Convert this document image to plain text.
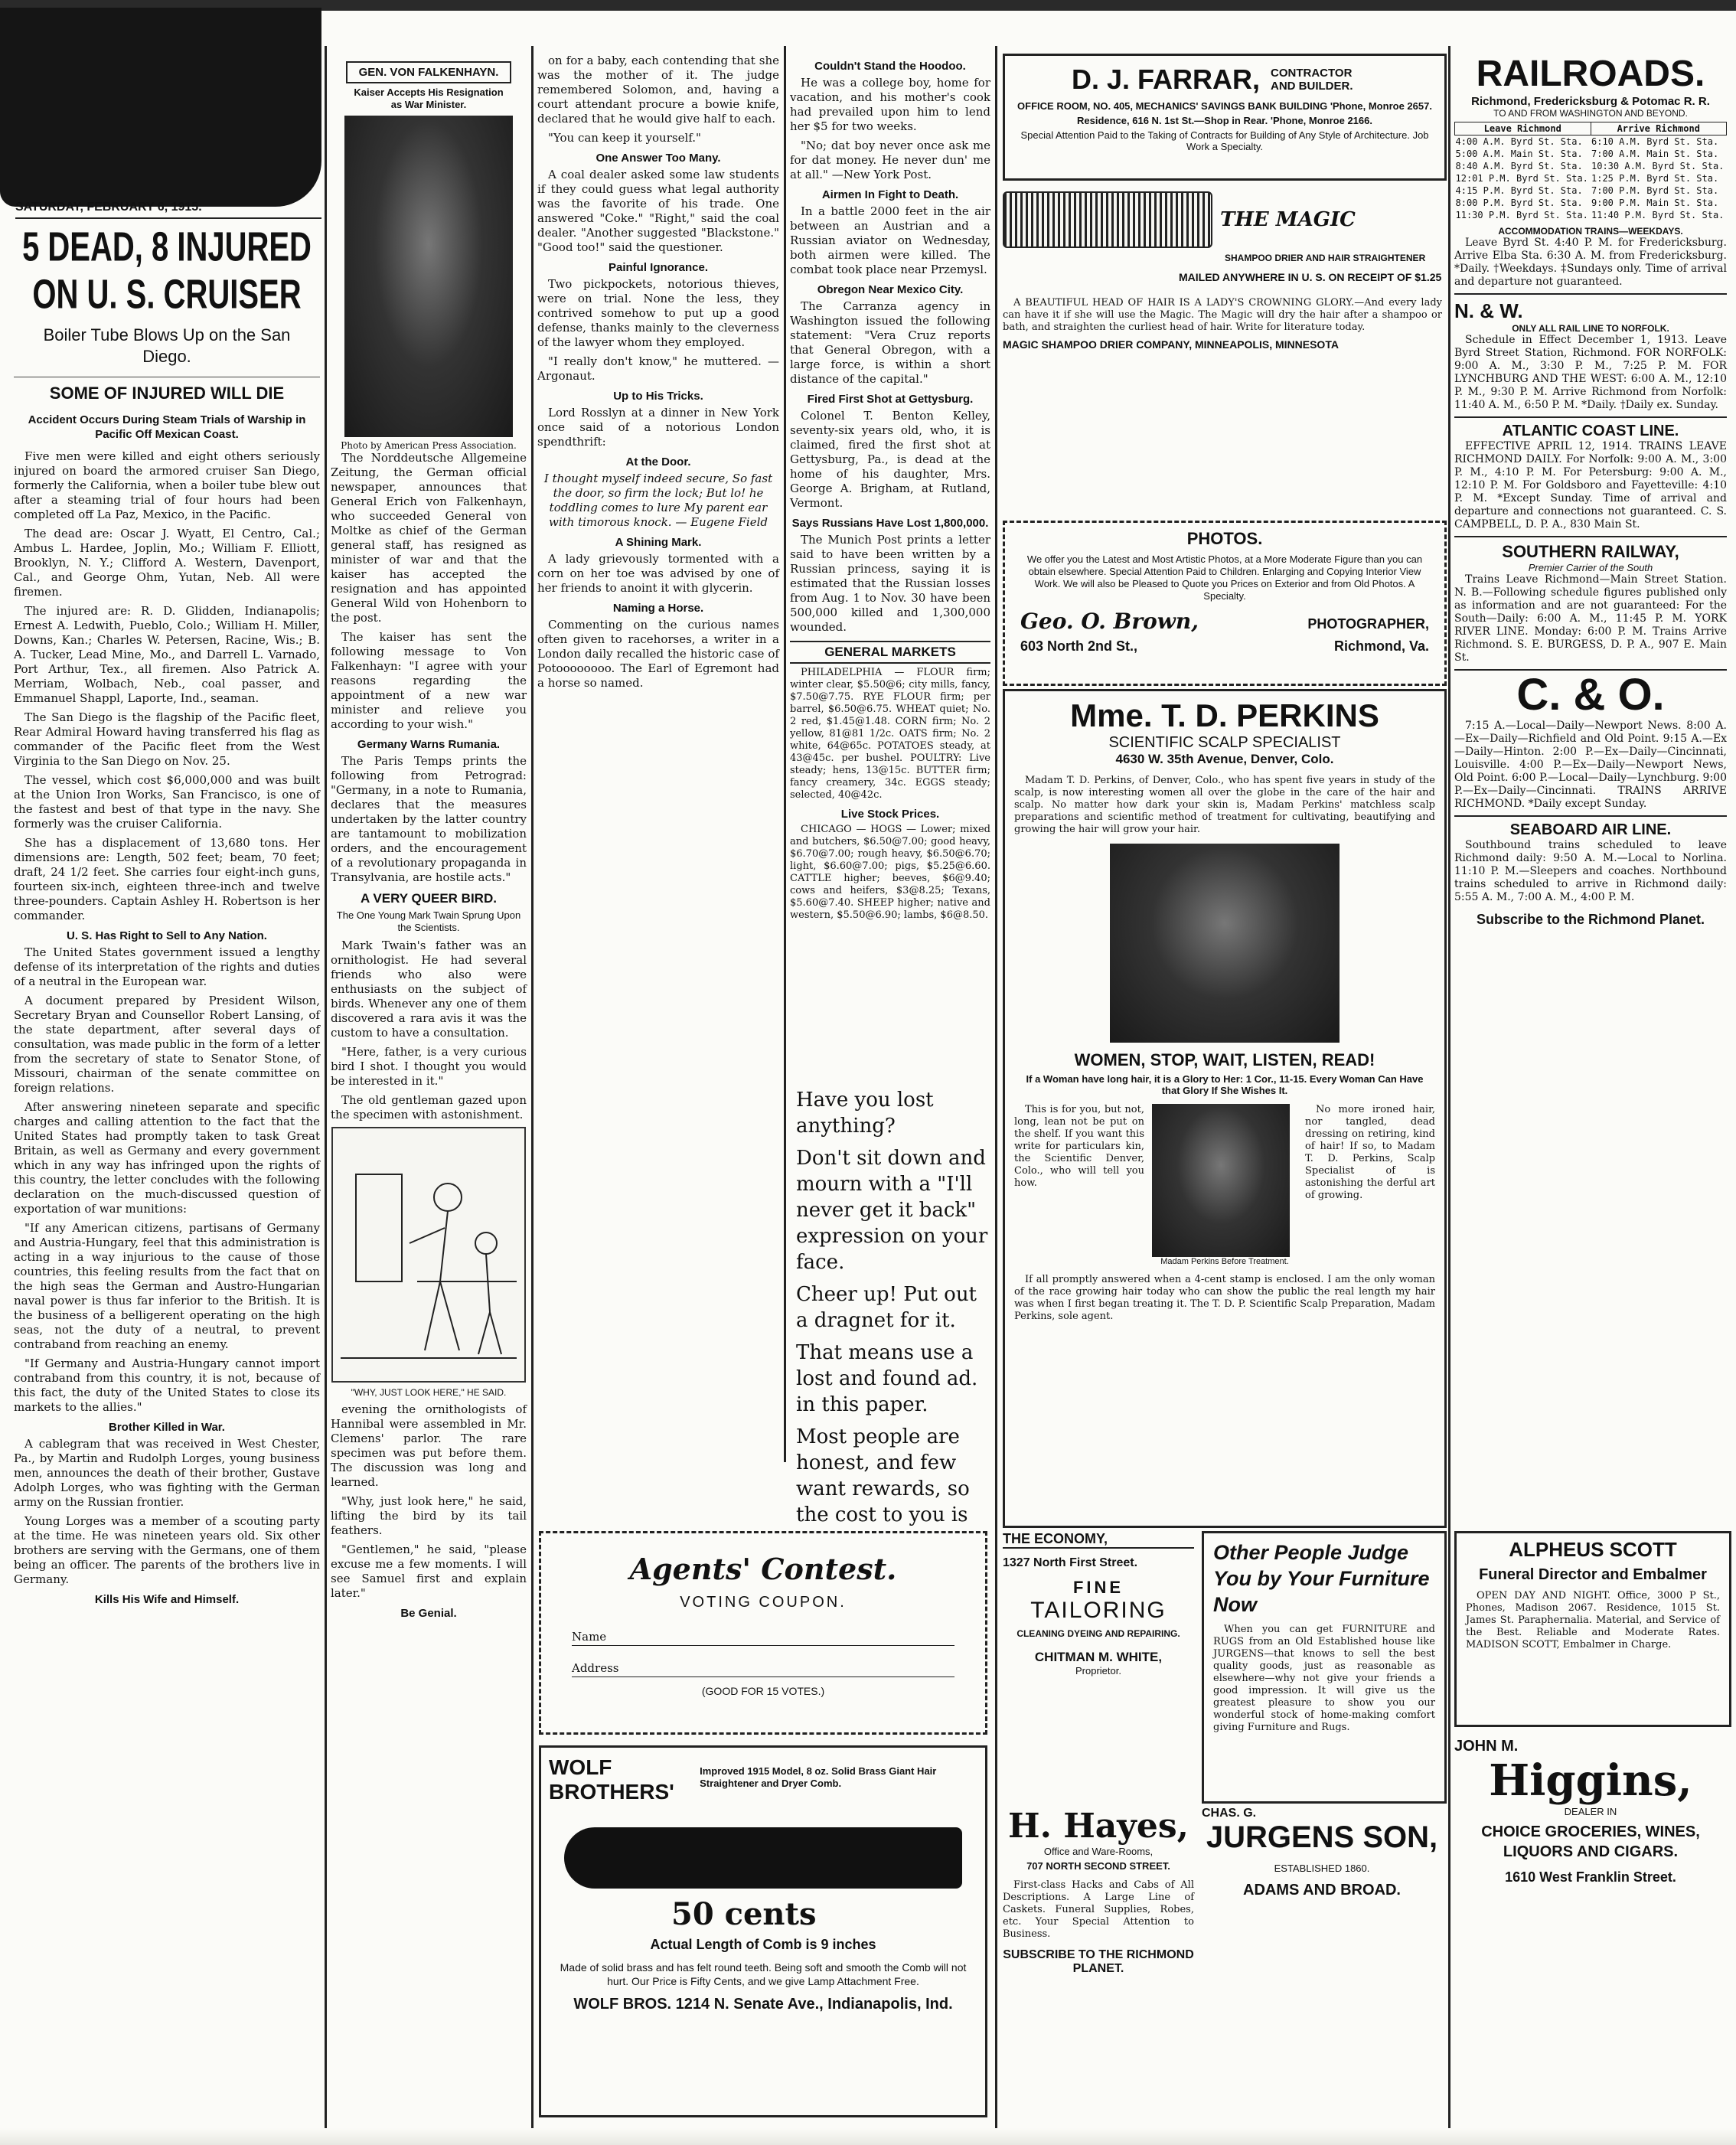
SATURDAY, FEBRUARY 6, 1915.
5 DEAD, 8 INJURED ON U. S. CRUISER
Boiler Tube Blows Up on the San Diego.
SOME OF INJURED WILL DIE
Accident Occurs During Steam Trials of Warship in Pacific Off Mexican Coast.

Five men were killed and eight others seriously injured on board the armored cruiser San Diego, formerly the California, when a boiler tube blew out after a steaming trial of four hours had been completed off La Paz, Mexico, in the Pacific.

The dead are: Oscar J. Wyatt, El Centro, Cal.; Ambus L. Hardee, Joplin, Mo.; William F. Elliott, Brooklyn, N. Y.; Clifford A. Western, Davenport, Cal., and George Ohm, Yutan, Neb. All were firemen.

The injured are: R. D. Glidden, Indianapolis; Ernest A. Ledwith, Pueblo, Colo.; William H. Miller, Downs, Kan.; Charles W. Petersen, Racine, Wis.; B. A. Tucker, Lead Mine, Mo., and Darrell L. Varnado, Port Arthur, Tex., all firemen. Also Patrick A. Merriam, Wolbach, Neb., coal passer, and Emmanuel Shappl, Laporte, Ind., seaman.

The San Diego is the flagship of the Pacific fleet, Rear Admiral Howard having transferred his flag as commander of the Pacific fleet from the West Virginia to the San Diego on Nov. 25.

The vessel, which cost $6,000,000 and was built at the Union Iron Works, San Francisco, is one of the fastest and best of that type in the navy. She formerly was the cruiser California.

She has a displacement of 13,680 tons. Her dimensions are: Length, 502 feet; beam, 70 feet; draft, 24 1/2 feet. She carries four eight-inch guns, fourteen six-inch, eighteen three-inch and twelve three-pounders. Captain Ashley H. Robertson is her commander.

U. S. Has Right to Sell to Any Nation.

The United States government issued a lengthy defense of its interpretation of the rights and duties of a neutral in the European war.

A document prepared by President Wilson, Secretary Bryan and Counsellor Robert Lansing, of the state department, after several days of consultation, was made public in the form of a letter from the secretary of state to Senator Stone, of Missouri, chairman of the senate committee on foreign relations.

After answering nineteen separate and specific charges and calling attention to the fact that the United States had promptly taken to task Great Britain, as well as Germany and every government which in any way has infringed upon the rights of this country, the letter concludes with the following declaration on the much-discussed question of exportation of war munitions:

"If any American citizens, partisans of Germany and Austria-Hungary, feel that this administration is acting in a way injurious to the cause of those countries, this feeling results from the fact that on the high seas the German and Austro-Hungarian naval power is thus far inferior to the British. It is the business of a belligerent operating on the high seas, not the duty of a neutral, to prevent contraband from reaching an enemy.

"If Germany and Austria-Hungary cannot import contraband from this country, it is not, because of this fact, the duty of the United States to close its markets to the allies."

Brother Killed in War.

A cablegram that was received in West Chester, Pa., by Martin and Rudolph Lorges, young business men, announces the death of their brother, Gustave Adolph Lorges, who was fighting with the German army on the Russian frontier.

Young Lorges was a member of a scouting party at the time. He was nineteen years old. Six other brothers are serving with the Germans, one of them being an officer. The parents of the brothers live in Germany.

Kills His Wife and Himself.
GEN. VON FALKENHAYN.
Kaiser Accepts His Resignation as War Minister.
Photo by American Press Association.

The Norddeutsche Allgemeine Zeitung, the German official newspaper, announces that General Erich von Falkenhayn, who succeeded General von Moltke as chief of the German general staff, has resigned as minister of war and that the kaiser has accepted the resignation and has appointed General Wild von Hohenborn to the post.

The kaiser has sent the following message to Von Falkenhayn: "I agree with your reasons regarding the appointment of a new war minister and relieve you according to your wish."

Germany Warns Rumania.

The Paris Temps prints the following from Petrograd: "Germany, in a note to Rumania, declares that the measures undertaken by the latter country are tantamount to mobilization orders, and the encouragement of a revolutionary propaganda in Transylvania, are hostile acts."

A VERY QUEER BIRD.
The One Young Mark Twain Sprung Upon the Scientists.

Mark Twain's father was an ornithologist. He had several friends who also were enthusiasts on the subject of birds. Whenever any one of them discovered a rara avis it was the custom to have a consultation.

"Here, father, is a very curious bird I shot. I thought you would be interested in it."

The old gentleman gazed upon the specimen with astonishment.

"WHY, JUST LOOK HERE," HE SAID.

evening the ornithologists of Hannibal were assembled in Mr. Clemens' parlor. The rare specimen was put before them. The discussion was long and learned.

"Why, just look here," he said, lifting the bird by its tail feathers.

"Gentlemen," he said, "please excuse me a few moments. I will see Samuel first and explain later."

Be Genial.

on for a baby, each contending that she was the mother of it. The judge remembered Solomon, and, having a court attendant procure a bowie knife, declared that he would give half to each.

"You can keep it yourself."

One Answer Too Many.

A coal dealer asked some law students if they could guess what legal authority was the favorite of his trade. One answered "Coke." "Right," said the coal dealer. "Another suggested "Blackstone." "Good too!" said the questioner.

Painful Ignorance.

Two pickpockets, notorious thieves, were on trial. None the less, they contrived somehow to put up a good defense, thanks mainly to the cleverness of the lawyer whom they employed.

"I really don't know," he muttered. —Argonaut.

Up to His Tricks.

Lord Rosslyn at a dinner in New York once said of a notorious London spendthrift:

At the Door.

I thought myself indeed secure, So fast the door, so firm the lock; But lo! he toddling comes to lure My parent ear with timorous knock. — Eugene Field

A Shining Mark.

A lady grievously tormented with a corn on her toe was advised by one of her friends to anoint it with glycerin.

Naming a Horse.

Commenting on the curious names often given to racehorses, a writer in a London daily recalled the historic case of Potoooooooo. The Earl of Egremont had a horse so named.

Couldn't Stand the Hoodoo.

He was a college boy, home for vacation, and his mother's cook had prevailed upon him to lend her $5 for two weeks.

"No; dat boy never once ask me for dat money. He never dun' me at all." —New York Post.

Airmen In Fight to Death.

In a battle 2000 feet in the air between an Austrian and a Russian aviator on Wednesday, both airmen were killed. The combat took place near Przemysl.

Obregon Near Mexico City.

The Carranza agency in Washington issued the following statement: "Vera Cruz reports that General Obregon, with a large force, is within a short distance of the capital."

Fired First Shot at Gettysburg.

Colonel T. Benton Kelley, seventy-six years old, who, it is claimed, fired the first shot at Gettysburg, Pa., is dead at the home of his daughter, Mrs. George A. Brigham, at Rutland, Vermont.

Says Russians Have Lost 1,800,000.

The Munich Post prints a letter said to have been written by a Russian princess, saying it is estimated that the Russian losses from Aug. 1 to Nov. 30 have been 500,000 killed and 1,300,000 wounded.

GENERAL MARKETS

PHILADELPHIA — FLOUR firm; winter clear, $5.50@6; city mills, fancy, $7.50@7.75. RYE FLOUR firm; per barrel, $6.50@6.75. WHEAT quiet; No. 2 red, $1.45@1.48. CORN firm; No. 2 yellow, 81@81 1/2c. OATS firm; No. 2 white, 64@65c. POTATOES steady, at 43@45c. per bushel. POULTRY: Live steady; hens, 13@15c. BUTTER firm; fancy creamery, 34c. EGGS steady; selected, 40@42c.

Live Stock Prices.

CHICAGO — HOGS — Lower; mixed and butchers, $6.50@7.00; good heavy, $6.70@7.00; rough heavy, $6.50@6.70; light, $6.60@7.00; pigs, $5.25@6.60. CATTLE higher; beeves, $6@9.40; cows and heifers, $3@8.25; Texans, $5.60@7.40. SHEEP higher; native and western, $5.50@6.90; lambs, $6@8.50.

Have you lost anything?

Don't sit down and mourn with a "I'll never get it back" expression on your face.

Cheer up! Put out a dragnet for it.

That means use a lost and found ad. in this paper.

Most people are honest, and few want rewards, so the cost to you is

Agents' Contest.
VOTING COUPON.
Name
Address
(GOOD FOR 15 VOTES.)
WOLF BROTHERS'
Improved 1915 Model, 8 oz. Solid Brass Giant Hair Straightener and Dryer Comb.
50 cents
Actual Length of Comb is 9 inches
Made of solid brass and has felt round teeth. Being soft and smooth the Comb will not hurt. Our Price is Fifty Cents, and we give Lamp Attachment Free.
WOLF BROS. 1214 N. Senate Ave., Indianapolis, Ind.
D. J. FARRAR, CONTRACTOR AND BUILDER.
OFFICE ROOM, NO. 405, MECHANICS' SAVINGS BANK BUILDING 'Phone, Monroe 2657.
Residence, 616 N. 1st St.—Shop in Rear. 'Phone, Monroe 2166.
Special Attention Paid to the Taking of Contracts for Building of Any Style of Architecture. Job Work a Specialty.
THE MAGIC
SHAMPOO DRIER AND HAIR STRAIGHTENER
MAILED ANYWHERE IN U. S. ON RECEIPT OF $1.25

A BEAUTIFUL HEAD OF HAIR IS A LADY'S CROWNING GLORY.—And every lady can have it if she will use the Magic. The Magic will dry the hair after a shampoo or bath, and straighten the curliest head of hair. Write for literature today.

MAGIC SHAMPOO DRIER COMPANY, MINNEAPOLIS, MINNESOTA
PHOTOS.
We offer you the Latest and Most Artistic Photos, at a More Moderate Figure than you can obtain elsewhere. Special Attention Paid to Children. Enlarging and Copying Interior View Work. We will also be Pleased to Quote you Prices on Exterior and from Old Photos. A Specialty.
Geo. O. Brown,	PHOTOGRAPHER,
603 North 2nd St.,	Richmond, Va.
Mme. T. D. PERKINS
SCIENTIFIC SCALP SPECIALIST
4630 W. 35th Avenue, Denver, Colo.

Madam T. D. Perkins, of Denver, Colo., who has spent five years in study of the scalp, is now interesting women all over the globe in the care of the hair and scalp. No matter how dark your skin is, Madam Perkins' matchless scalp preparations and scientific method of treatment for cultivating, beautifying and growing the hair will grow your hair.

WOMEN, STOP, WAIT, LISTEN, READ!
If a Woman have long hair, it is a Glory to Her: 1 Cor., 11-15. Every Woman Can Have that Glory If She Wishes It.

This is for you, but not, long, lean not be put on the shelf. If you want this write for particulars kin, the Scientific Denver, Colo., who will tell you how.

Madam Perkins Before Treatment.

No more ironed hair, nor tangled, dead dressing on retiring, kind of hair! If so, to Madam T. D. Perkins, Scalp Specialist of is astonishing the derful art of growing.

If all promptly answered when a 4-cent stamp is enclosed. I am the only woman of the race growing hair today who can show the public the real length my hair was when I first began treating it. The T. D. P. Scientific Scalp Preparation, Madam Perkins, sole agent.

THE ECONOMY,
1327 North First Street.
FINE
TAILORING
CLEANING DYEING AND REPAIRING.
CHITMAN M. WHITE,
Proprietor.
H. Hayes,
Office and Ware-Rooms,
707 NORTH SECOND STREET.

First-class Hacks and Cabs of All Descriptions. A Large Line of Caskets. Funeral Supplies, Robes, etc. Your Special Attention to Business.

SUBSCRIBE TO THE RICHMOND PLANET.
Other People Judge You by Your Furniture Now

When you can get FURNITURE and RUGS from an Old Established house like JURGENS—that knows to sell the best quality goods, just as reasonable as elsewhere—why not give your friends a good impression. It will give us the greatest pleasure to show you our wonderful stock of home-making comfort giving Furniture and Rugs.

CHAS. G.
JURGENS SON,
ESTABLISHED 1860.
ADAMS AND BROAD.
RAILROADS.
Richmond, Fredericksburg & Potomac R. R.
TO AND FROM WASHINGTON AND BEYOND.
Leave Richmond	Arrive Richmond
4:00 A.M. Byrd St. Sta.	6:10 A.M. Byrd St. Sta.
5:00 A.M. Main St. Sta.	7:00 A.M. Main St. Sta.
8:40 A.M. Byrd St. Sta.	10:30 A.M. Byrd St. Sta.
12:01 P.M. Byrd St. Sta.	1:25 P.M. Byrd St. Sta.
4:15 P.M. Byrd St. Sta.	7:00 P.M. Byrd St. Sta.
8:00 P.M. Byrd St. Sta.	9:00 P.M. Main St. Sta.
11:30 P.M. Byrd St. Sta.	11:40 P.M. Byrd St. Sta.
ACCOMMODATION TRAINS—WEEKDAYS.

Leave Byrd St. 4:40 P. M. for Fredericksburg. Arrive Elba Sta. 6:30 A. M. from Fredericksburg. *Daily. †Weekdays. ‡Sundays only. Time of arrival and departure not guaranteed.

N. & W.
ONLY ALL RAIL LINE TO NORFOLK.

Schedule in Effect December 1, 1913. Leave Byrd Street Station, Richmond. FOR NORFOLK: 9:00 A. M., 3:30 P. M., 7:25 P. M. FOR LYNCHBURG AND THE WEST: 6:00 A. M., 12:10 P. M., 9:30 P. M. Arrive Richmond from Norfolk: 11:40 A. M., 6:50 P. M. *Daily. †Daily ex. Sunday.

ATLANTIC COAST LINE.

EFFECTIVE APRIL 12, 1914. TRAINS LEAVE RICHMOND DAILY. For Norfolk: 9:00 A. M., 3:00 P. M., 4:10 P. M. For Petersburg: 9:00 A. M., 12:10 P. M. For Goldsboro and Fayetteville: 4:10 P. M. *Except Sunday. Time of arrival and departure and connections not guaranteed. C. S. CAMPBELL, D. P. A., 830 Main St.

SOUTHERN RAILWAY,
Premier Carrier of the South

Trains Leave Richmond—Main Street Station. N. B.—Following schedule figures published only as information and are not guaranteed: For the South—Daily: 6:00 A. M., 11:45 P. M. YORK RIVER LINE. Monday: 6:00 P. M. Trains Arrive Richmond. S. E. BURGESS, D. P. A., 907 E. Main St.

C. & O.

7:15 A.—Local—Daily—Newport News. 8:00 A.—Ex—Daily—Richfield and Old Point. 9:15 A.—Ex—Daily—Hinton. 2:00 P.—Ex—Daily—Cincinnati, Louisville. 4:00 P.—Ex—Daily—Newport News, Old Point. 6:00 P.—Local—Daily—Lynchburg. 9:00 P.—Ex—Daily—Cincinnati. TRAINS ARRIVE RICHMOND. *Daily except Sunday.

SEABOARD AIR LINE.

Southbound trains scheduled to leave Richmond daily: 9:50 A. M.—Local to Norlina. 11:10 P. M.—Sleepers and coaches. Northbound trains scheduled to arrive in Richmond daily: 5:55 A. M., 7:00 A. M., 4:00 P. M.

Subscribe to the Richmond Planet.
ALPHEUS SCOTT
Funeral Director and Embalmer

OPEN DAY AND NIGHT. Office, 3000 P St., Phones, Madison 2067. Residence, 1015 St. James St. Paraphernalia. Material, and Service of the Best. Reliable and Moderate Rates. MADISON SCOTT, Embalmer in Charge.

JOHN M.
Higgins,
DEALER IN
CHOICE GROCERIES, WINES, LIQUORS AND CIGARS.
1610 West Franklin Street.
